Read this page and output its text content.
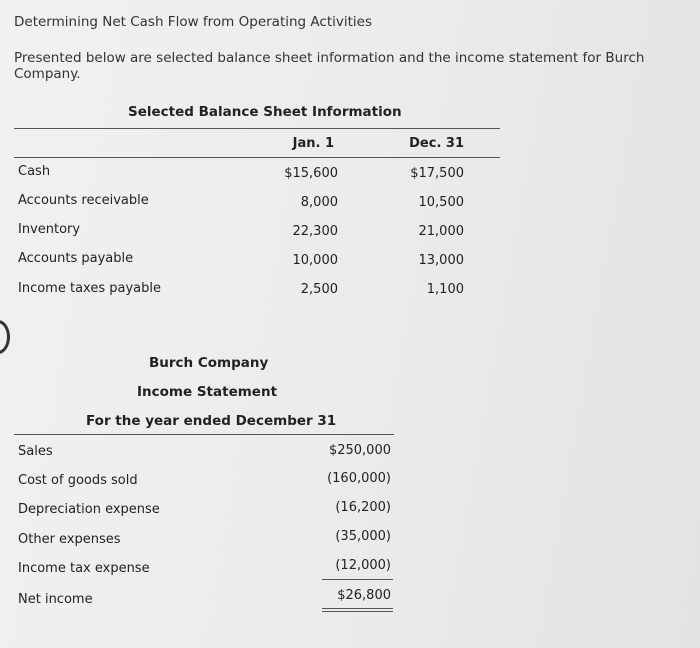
Determining Net Cash Flow from Operating Activities
Presented below are selected balance sheet information and the income statement for Burch Company.
Selected Balance Sheet Information
Jan. 1	Dec. 31
Cash	$15,600	$17,500
Accounts receivable	8,000	10,500
Inventory	22,300	21,000
Accounts payable	10,000	13,000
Income taxes payable	2,500	1,100
Burch Company
Income Statement
For the year ended December 31
Sales	$250,000
Cost of goods sold	(160,000)
Depreciation expense	(16,200)
Other expenses	(35,000)
Income tax expense	(12,000)
Net income	$26,800
